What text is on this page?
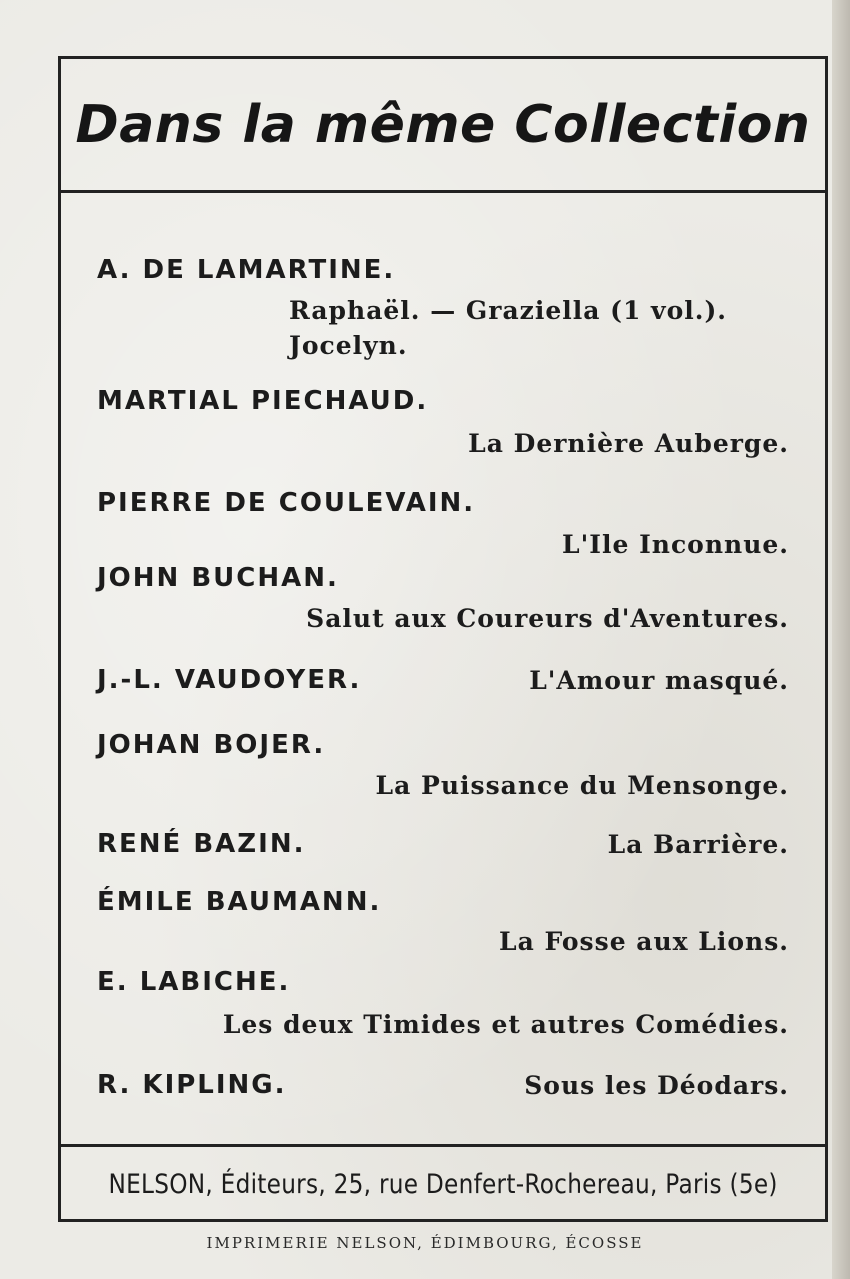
Dans la même Collection
A. DE LAMARTINE.
Raphaël. — Graziella (1 vol.).
Jocelyn.
MARTIAL PIECHAUD.
La Dernière Auberge.
PIERRE DE COULEVAIN.
L'Ile Inconnue.
JOHN BUCHAN.
Salut aux Coureurs d'Aventures.
J.-L. VAUDOYER.	L'Amour masqué.
JOHAN BOJER.
La Puissance du Mensonge.
RENÉ BAZIN.	La Barrière.
ÉMILE BAUMANN.
La Fosse aux Lions.
E. LABICHE.
Les deux Timides et autres Comédies.
R. KIPLING.	Sous les Déodars.
NELSON, Éditeurs, 25, rue Denfert-Rochereau, Paris (5e)
IMPRIMERIE NELSON, ÉDIMBOURG, ÉCOSSE
